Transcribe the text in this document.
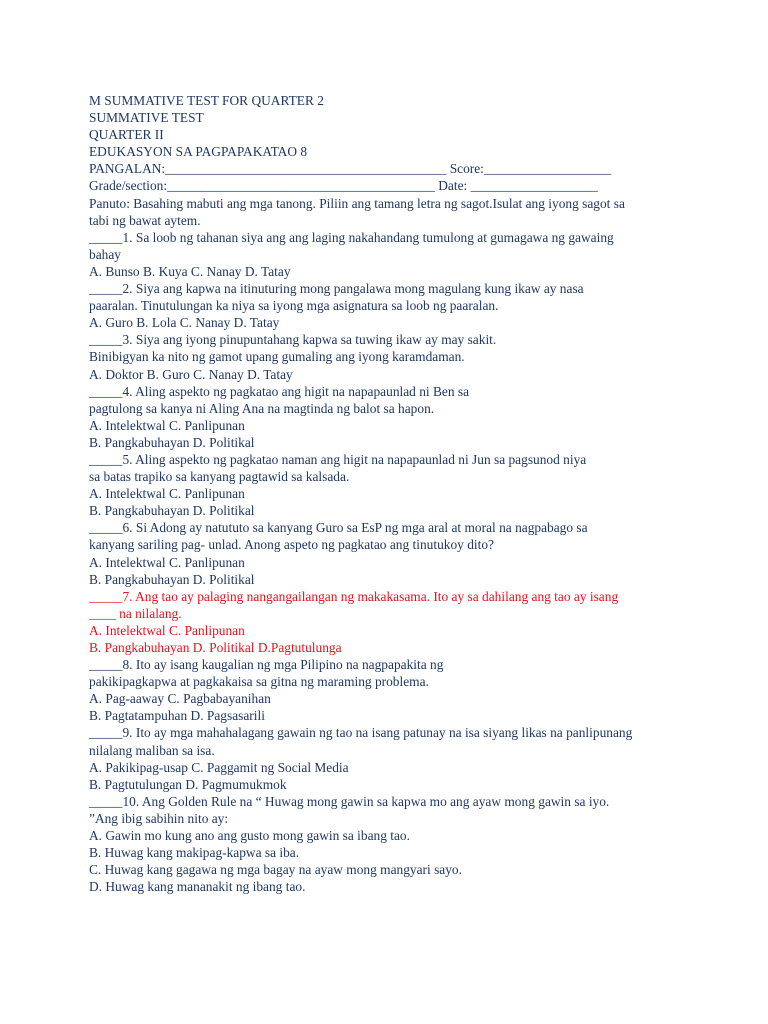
M SUMMATIVE TEST FOR QUARTER 2
SUMMATIVE TEST
QUARTER II
EDUKASYON SA PAGPAPAKATAO 8
PANGALAN:__________________________________________ Score:___________________
Grade/section:________________________________________ Date: ___________________
Panuto: Basahing mabuti ang mga tanong. Piliin ang tamang letra ng sagot.Isulat ang iyong sagot sa
tabi ng bawat aytem.
_____1. Sa loob ng tahanan siya ang ang laging nakahandang tumulong at gumagawa ng gawaing
bahay
A. Bunso B. Kuya C. Nanay D. Tatay
_____2. Siya ang kapwa na itinuturing mong pangalawa mong magulang kung ikaw ay nasa
paaralan. Tinutulungan ka niya sa iyong mga asignatura sa loob ng paaralan.
A. Guro B. Lola C. Nanay D. Tatay
_____3. Siya ang iyong pinupuntahang kapwa sa tuwing ikaw ay may sakit.
Binibigyan ka nito ng gamot upang gumaling ang iyong karamdaman.
A. Doktor B. Guro C. Nanay D. Tatay
_____4. Aling aspekto ng pagkatao ang higit na napapaunlad ni Ben sa
pagtulong sa kanya ni Aling Ana na magtinda ng balot sa hapon.
A. Intelektwal C. Panlipunan
B. Pangkabuhayan D. Politikal
_____5. Aling aspekto ng pagkatao naman ang higit na napapaunlad ni Jun sa pagsunod niya
sa batas trapiko sa kanyang pagtawid sa kalsada.
A. Intelektwal C. Panlipunan
B. Pangkabuhayan D. Politikal
_____6. Si Adong ay natututo sa kanyang Guro sa EsP ng mga aral at moral na nagpabago sa
kanyang sariling pag- unlad. Anong aspeto ng pagkatao ang tinutukoy dito?
A. Intelektwal C. Panlipunan
B. Pangkabuhayan D. Politikal
_____7. Ang tao ay palaging nangangailangan ng makakasama. Ito ay sa dahilang ang tao ay isang
____ na nilalang.
A. Intelektwal C. Panlipunan
B. Pangkabuhayan D. Politikal D.Pagtutulunga
_____8. Ito ay isang kaugalian ng mga Pilipino na nagpapakita ng
pakikipagkapwa at pagkakaisa sa gitna ng maraming problema.
A. Pag-aaway C. Pagbabayanihan
B. Pagtatampuhan D. Pagsasarili
_____9. Ito ay mga mahahalagang gawain ng tao na isang patunay na isa siyang likas na panlipunang
nilalang maliban sa isa.
A. Pakikipag-usap C. Paggamit ng Social Media
B. Pagtutulungan D. Pagmumukmok
_____10. Ang Golden Rule na “ Huwag mong gawin sa kapwa mo ang ayaw mong gawin sa iyo.
”Ang ibig sabihin nito ay:
A. Gawin mo kung ano ang gusto mong gawin sa ibang tao.
B. Huwag kang makipag-kapwa sa iba.
C. Huwag kang gagawa ng mga bagay na ayaw mong mangyari sayo.
D. Huwag kang mananakit ng ibang tao.
